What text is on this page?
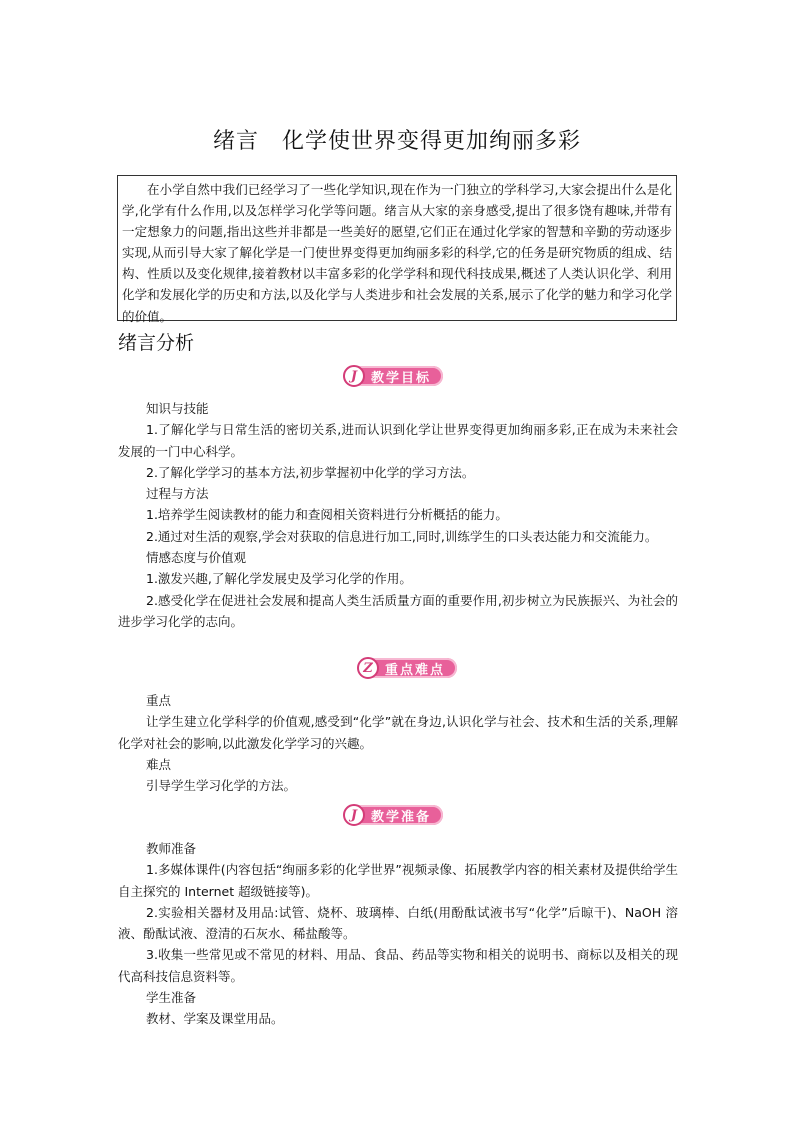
绪言　化学使世界变得更加绚丽多彩

在小学自然中我们已经学习了一些化学知识,现在作为一门独立的学科学习,大家会提出什么是化学,化学有什么作用,以及怎样学习化学等问题。绪言从大家的亲身感受,提出了很多饶有趣味,并带有一定想象力的问题,指出这些并非都是一些美好的愿望,它们正在通过化学家的智慧和辛勤的劳动逐步实现,从而引导大家了解化学是一门使世界变得更加绚丽多彩的科学,它的任务是研究物质的组成、结构、性质以及变化规律,接着教材以丰富多彩的化学学科和现代科技成果,概述了人类认识化学、利用化学和发展化学的历史和方法,以及化学与人类进步和社会发展的关系,展示了化学的魅力和学习化学的价值。

绪言分析
J	教学目标

知识与技能

1.了解化学与日常生活的密切关系,进而认识到化学让世界变得更加绚丽多彩,正在成为未来社会发展的一门中心科学。

2.了解化学学习的基本方法,初步掌握初中化学的学习方法。

过程与方法

1.培养学生阅读教材的能力和查阅相关资料进行分析概括的能力。

2.通过对生活的观察,学会对获取的信息进行加工,同时,训练学生的口头表达能力和交流能力。

情感态度与价值观

1.激发兴趣,了解化学发展史及学习化学的作用。

2.感受化学在促进社会发展和提高人类生活质量方面的重要作用,初步树立为民族振兴、为社会的进步学习化学的志向。

Z 重点难点

重点

让学生建立化学科学的价值观,感受到“化学”就在身边,认识化学与社会、技术和生活的关系,理解化学对社会的影响,以此激发化学学习的兴趣。

难点

引导学生学习化学的方法。

J	教学准备

教师准备

1.多媒体课件(内容包括“绚丽多彩的化学世界”视频录像、拓展教学内容的相关素材及提供给学生自主探究的 Internet 超级链接等)。

2.实验相关器材及用品:试管、烧杯、玻璃棒、白纸(用酚酞试液书写“化学”后晾干)、NaOH 溶液、酚酞试液、澄清的石灰水、稀盐酸等。

3.收集一些常见或不常见的材料、用品、食品、药品等实物和相关的说明书、商标以及相关的现代高科技信息资料等。

学生准备

教材、学案及课堂用品。
